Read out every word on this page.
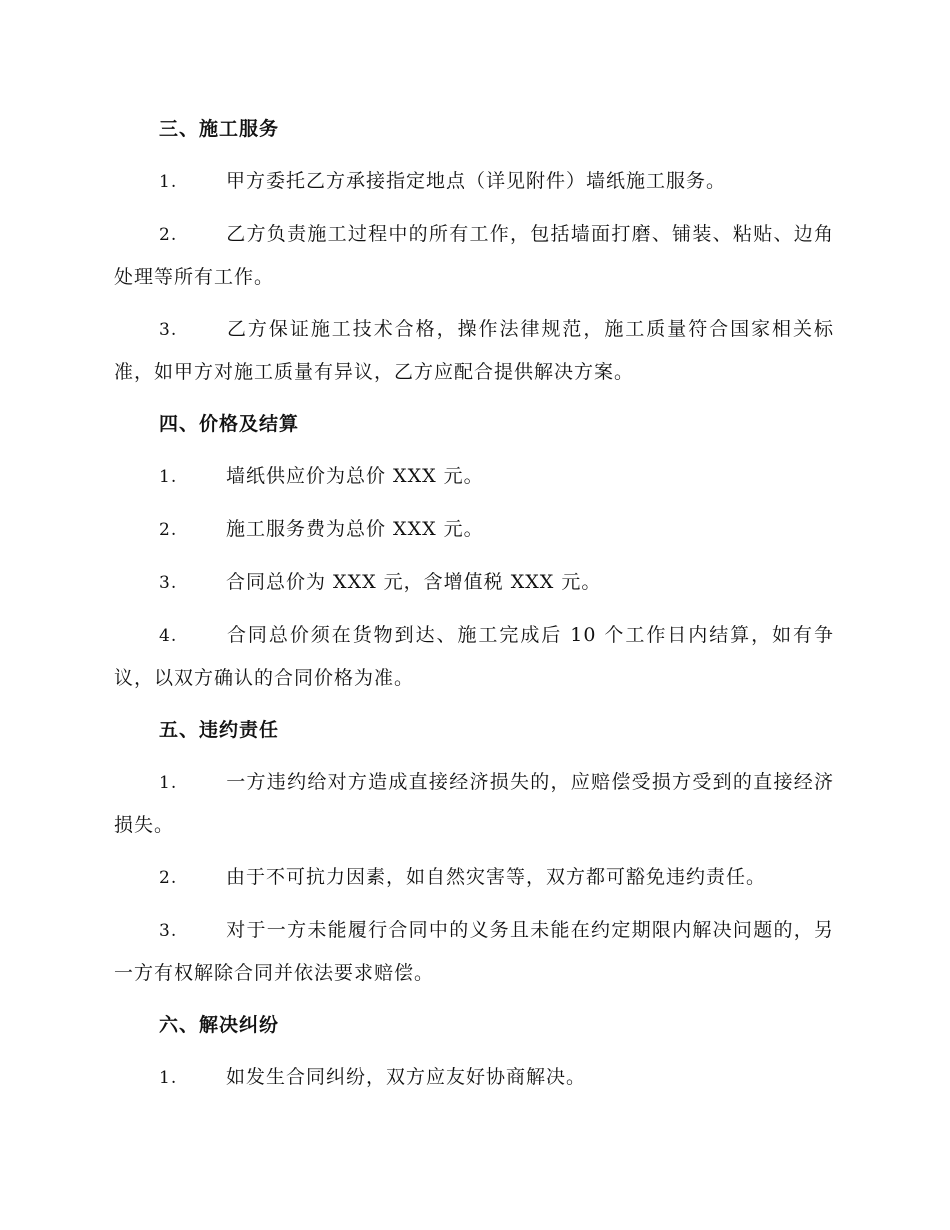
三、施工服务
1.	甲方委托乙方承接指定地点（详见附件）墙纸施工服务。
2.	乙方负责施工过程中的所有工作，包括墙面打磨、铺装、粘贴、边角处理等所有工作。
3.	乙方保证施工技术合格，操作法律规范，施工质量符合国家相关标准，如甲方对施工质量有异议，乙方应配合提供解决方案。
四、价格及结算
1.	墙纸供应价为总价 XXX 元。
2.	施工服务费为总价 XXX 元。
3.	合同总价为 XXX 元，含增值税 XXX 元。
4.	合同总价须在货物到达、施工完成后 10 个工作日内结算，如有争议，以双方确认的合同价格为准。
五、违约责任
1.	一方违约给对方造成直接经济损失的，应赔偿受损方受到的直接经济损失。
2.	由于不可抗力因素，如自然灾害等，双方都可豁免违约责任。
3.	对于一方未能履行合同中的义务且未能在约定期限内解决问题的，另一方有权解除合同并依法要求赔偿。
六、解决纠纷
1.	如发生合同纠纷，双方应友好协商解决。
